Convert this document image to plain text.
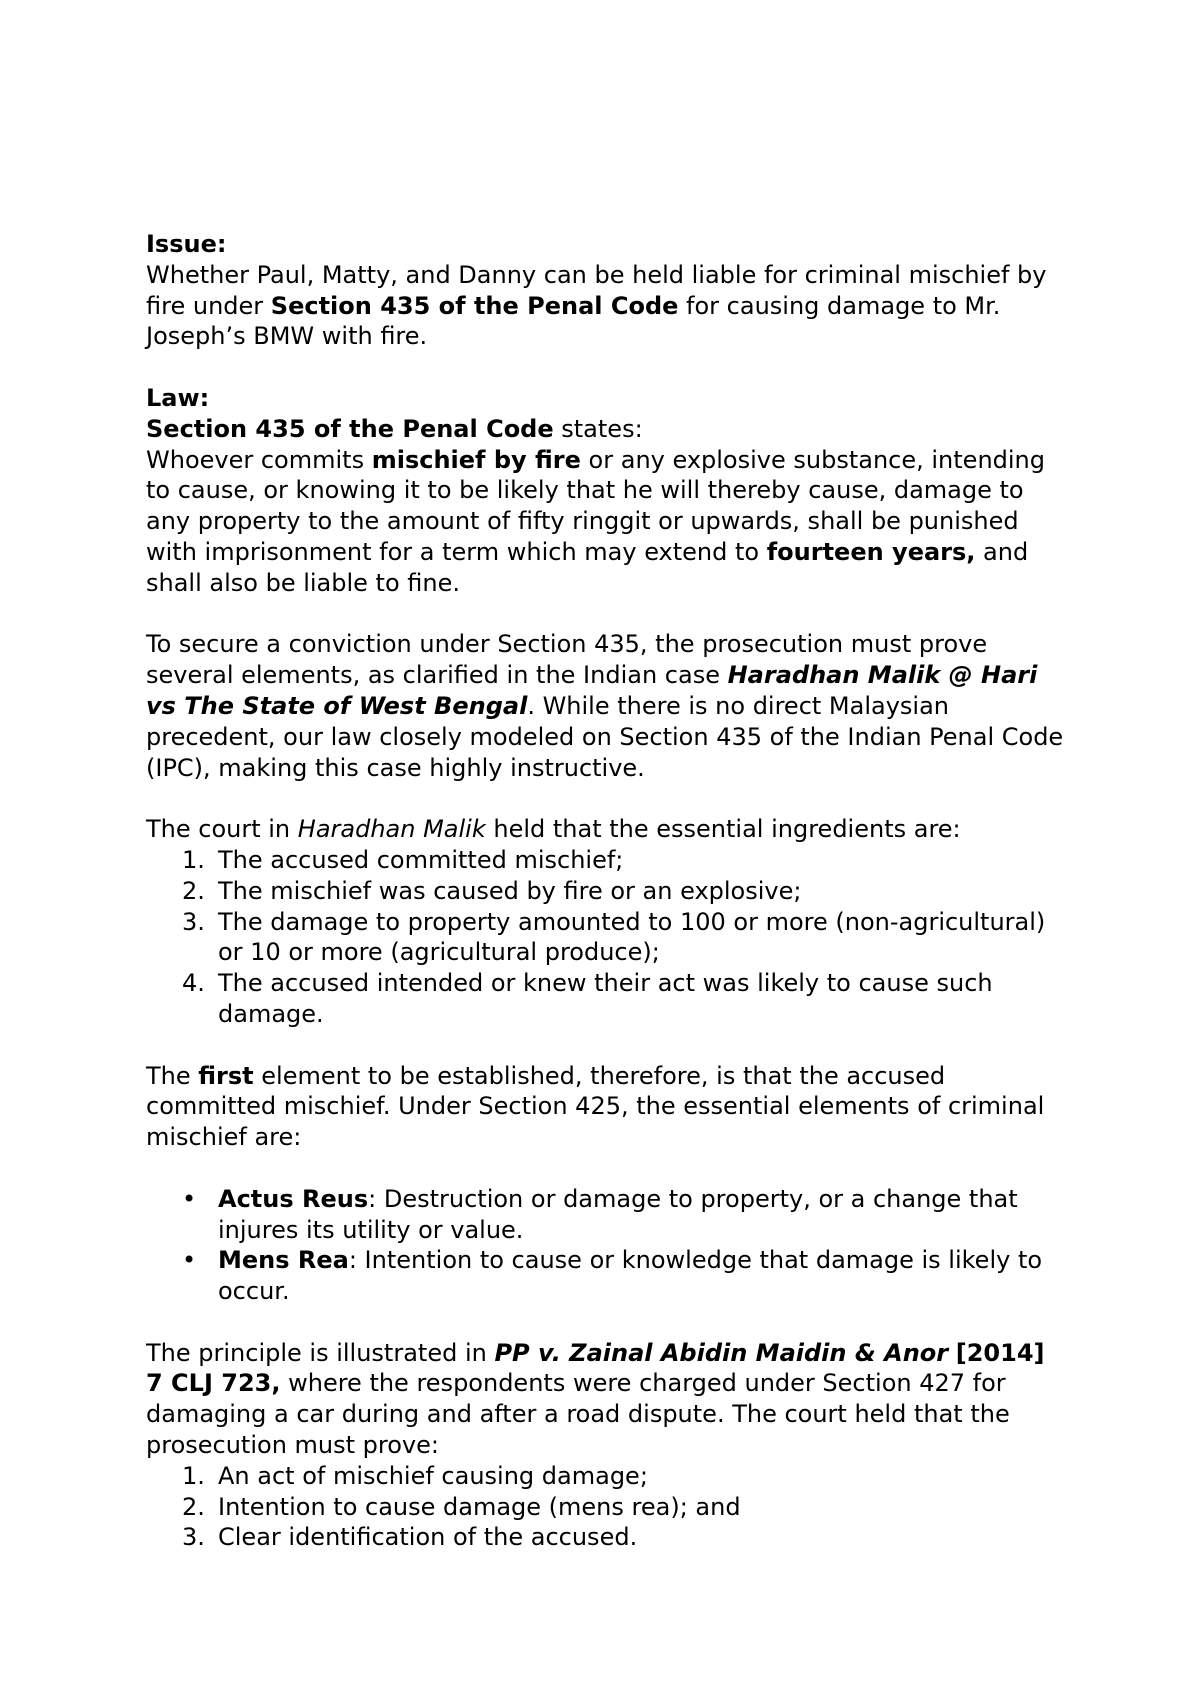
Issue:
Whether Paul, Matty, and Danny can be held liable for criminal mischief by fire under Section 435 of the Penal Code for causing damage to Mr. Joseph’s BMW with fire.
Law:
Section 435 of the Penal Code states:
Whoever commits mischief by fire or any explosive substance, intending to cause, or knowing it to be likely that he will thereby cause, damage to any property to the amount of fifty ringgit or upwards, shall be punished with imprisonment for a term which may extend to fourteen years, and shall also be liable to fine.
To secure a conviction under Section 435, the prosecution must prove several elements, as clarified in the Indian case Haradhan Malik @ Hari vs The State of West Bengal. While there is no direct Malaysian precedent, our law closely modeled on Section 435 of the Indian Penal Code (IPC), making this case highly instructive.
The court in Haradhan Malik held that the essential ingredients are:
1. The accused committed mischief;
2. The mischief was caused by fire or an explosive;
3. The damage to property amounted to 100 or more (non-agricultural) or 10 or more (agricultural produce);
4. The accused intended or knew their act was likely to cause such damage.
The first element to be established, therefore, is that the accused committed mischief. Under Section 425, the essential elements of criminal mischief are:
• Actus Reus: Destruction or damage to property, or a change that injures its utility or value.
• Mens Rea: Intention to cause or knowledge that damage is likely to occur.
The principle is illustrated in PP v. Zainal Abidin Maidin & Anor [2014] 7 CLJ 723, where the respondents were charged under Section 427 for damaging a car during and after a road dispute. The court held that the prosecution must prove:
1. An act of mischief causing damage;
2. Intention to cause damage (mens rea); and
3. Clear identification of the accused.
